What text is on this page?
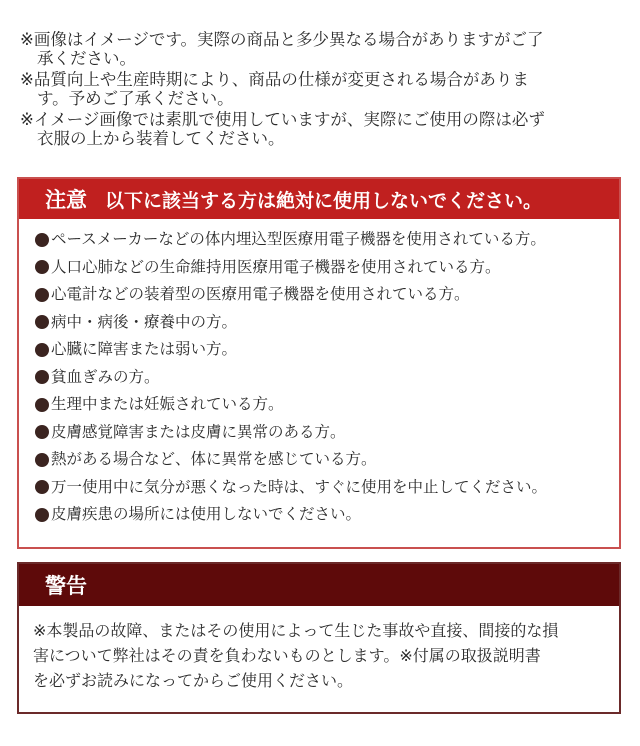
※画像はイメージです。実際の商品と多少異なる場合がありますがご了
承ください。
※品質向上や生産時期により、商品の仕様が変更される場合がありま
す。予めご了承ください。
※イメージ画像では素肌で使用していますが、実際にご使用の際は必ず
衣服の上から装着してください。
注意 以下に該当する方は絶対に使用しないでください。
ペースメーカーなどの体内埋込型医療用電子機器を使用されている方。
人口心肺などの生命維持用医療用電子機器を使用されている方。
心電計などの装着型の医療用電子機器を使用されている方。
病中・病後・療養中の方。
心臓に障害または弱い方。
貧血ぎみの方。
生理中または妊娠されている方。
皮膚感覚障害または皮膚に異常のある方。
熱がある場合など、体に異常を感じている方。
万一使用中に気分が悪くなった時は、すぐに使用を中止してください。
皮膚疾患の場所には使用しないでください。
警告
※本製品の故障、またはその使用によって生じた事故や直接、間接的な損
害について弊社はその責を負わないものとします。※付属の取扱説明書
を必ずお読みになってからご使用ください。
